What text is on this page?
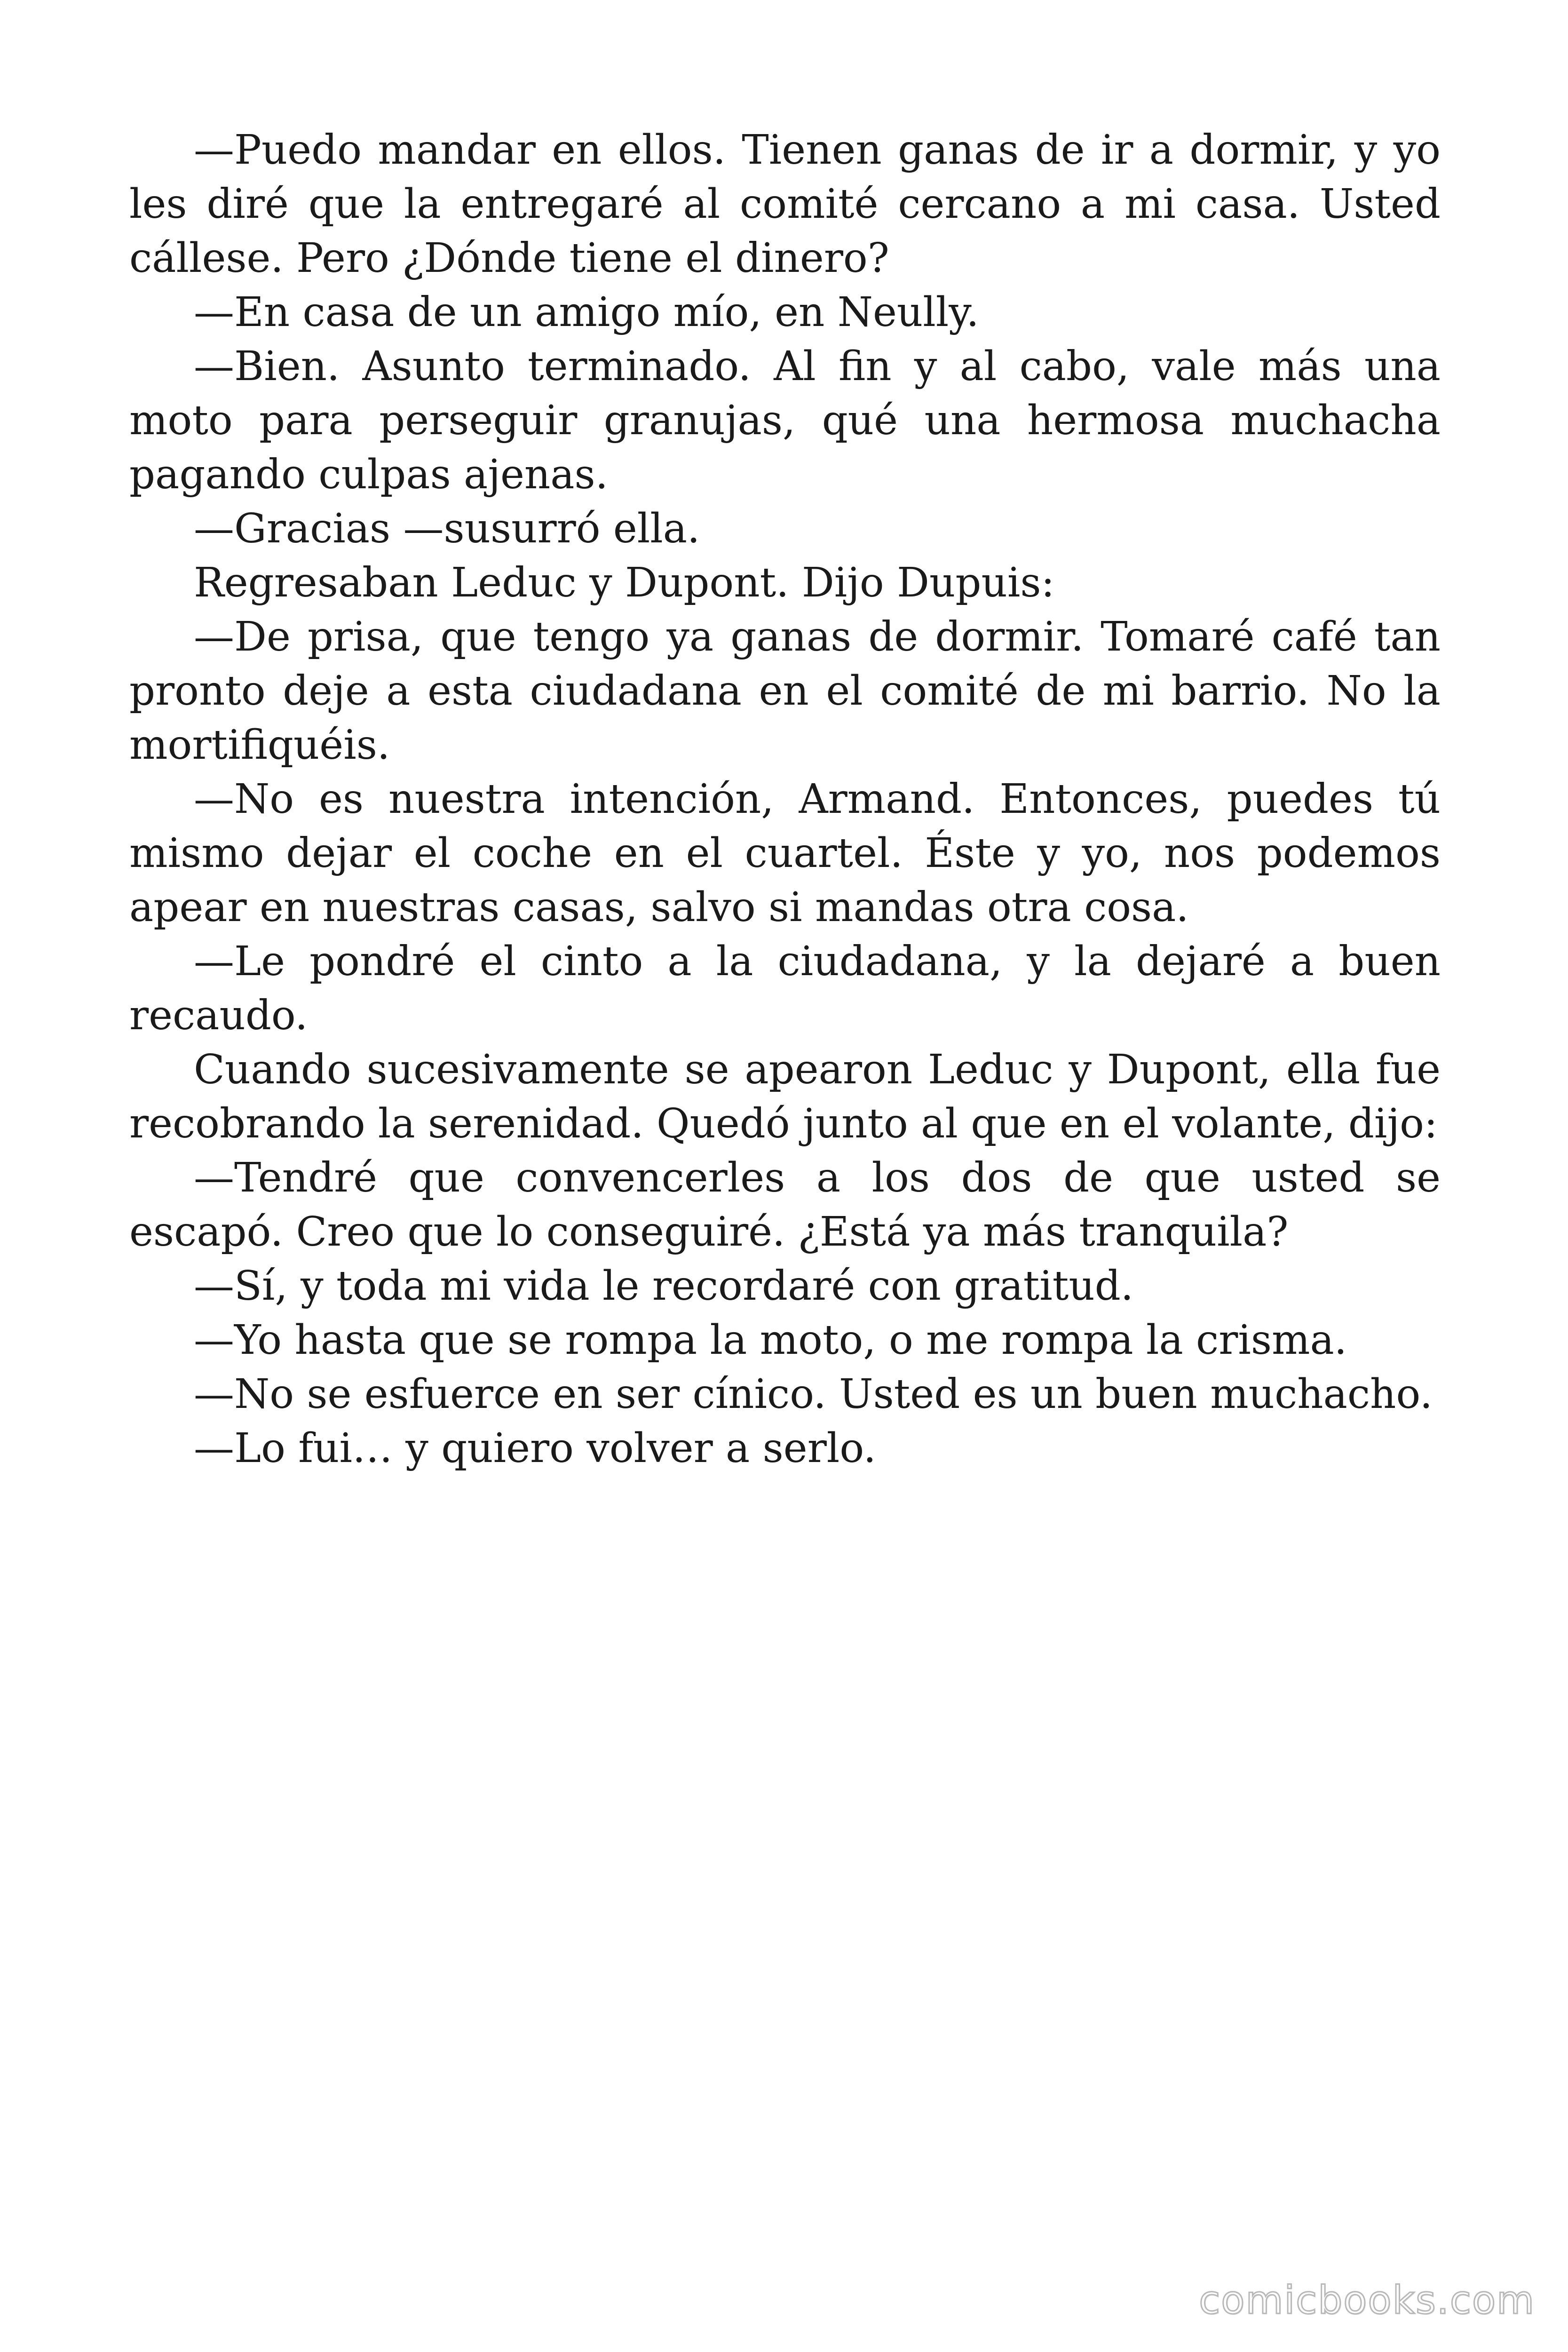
—Puedo mandar en ellos. Tienen ganas de ir a dormir, y yo les diré que la entregaré al comité cercano a mi casa. Usted cállese. Pero ¿Dónde tiene el dinero?

—En casa de un amigo mío, en Neully.

—Bien. Asunto terminado. Al fin y al cabo, vale más una moto para perseguir granujas, qué una hermosa muchacha pagando culpas ajenas.

—Gracias —susurró ella.

Regresaban Leduc y Dupont. Dijo Dupuis:

—De prisa, que tengo ya ganas de dormir. Tomaré café tan pronto deje a esta ciudadana en el comité de mi barrio. No la mortifiquéis.

—No es nuestra intención, Armand. Entonces, puedes tú mismo dejar el coche en el cuartel. Éste y yo, nos podemos apear en nuestras casas, salvo si mandas otra cosa.

—Le pondré el cinto a la ciudadana, y la dejaré a buen recaudo.

Cuando sucesivamente se apearon Leduc y Dupont, ella fue recobrando la serenidad. Quedó junto al que en el volante, dijo:

—Tendré que convencerles a los dos de que usted se escapó. Creo que lo conseguiré. ¿Está ya más tranquila?

—Sí, y toda mi vida le recordaré con gratitud.

—Yo hasta que se rompa la moto, o me rompa la crisma.

—No se esfuerce en ser cínico. Usted es un buen muchacho.

—Lo fui… y quiero volver a serlo.

comicbooks.com
